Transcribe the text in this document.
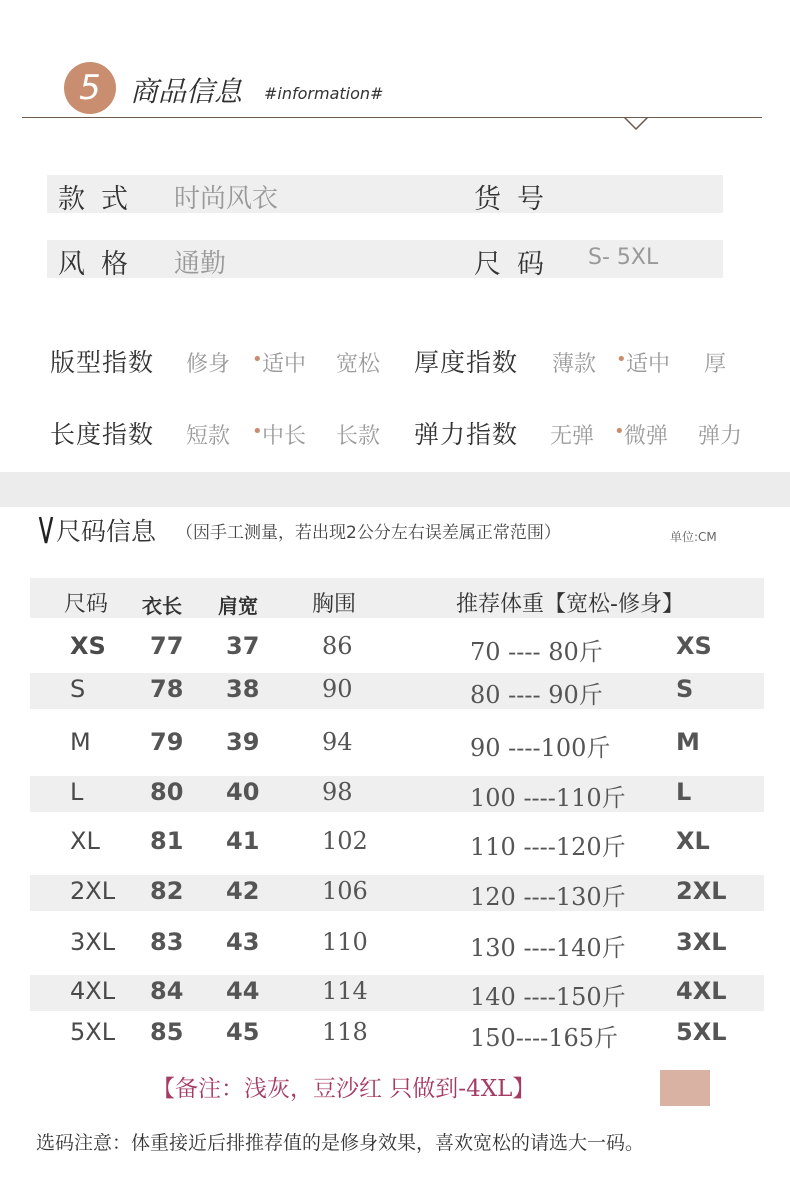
5 商品信息 #information#
款式 时尚风衣	货号
风格 通勤	尺码 S- 5XL
版型指数 修身 • 适中 宽松 厚度指数 薄款 • 适中 厚
长度指数 短款 • 中长 长款 弹力指数 无弹 • 微弹 弹力
尺码信息 （因手工测量，若出现2公分左右误差属正常范围）	单位:CM
尺码 衣长 肩宽 胸围	推荐体重【宽松-修身】
XS 77 37	86	70 ---- 80斤	XS
S	78 38	90	80 ---- 90斤	S
M 79 39	94	90 ----100斤	M
L	80 40	98	100 ----110斤 L
XL 81 41	102	110 ----120斤 XL
2XL 82 42	106	120 ----130斤 2XL
3XL 83 43	110	130 ----140斤 3XL
4XL 84 44	114	140 ----150斤 4XL
5XL 85 45	118	150----165斤 5XL
【备注：浅灰，豆沙红 只做到-4XL】
选码注意：体重接近后排推荐值的是修身效果，喜欢宽松的请选大一码。
